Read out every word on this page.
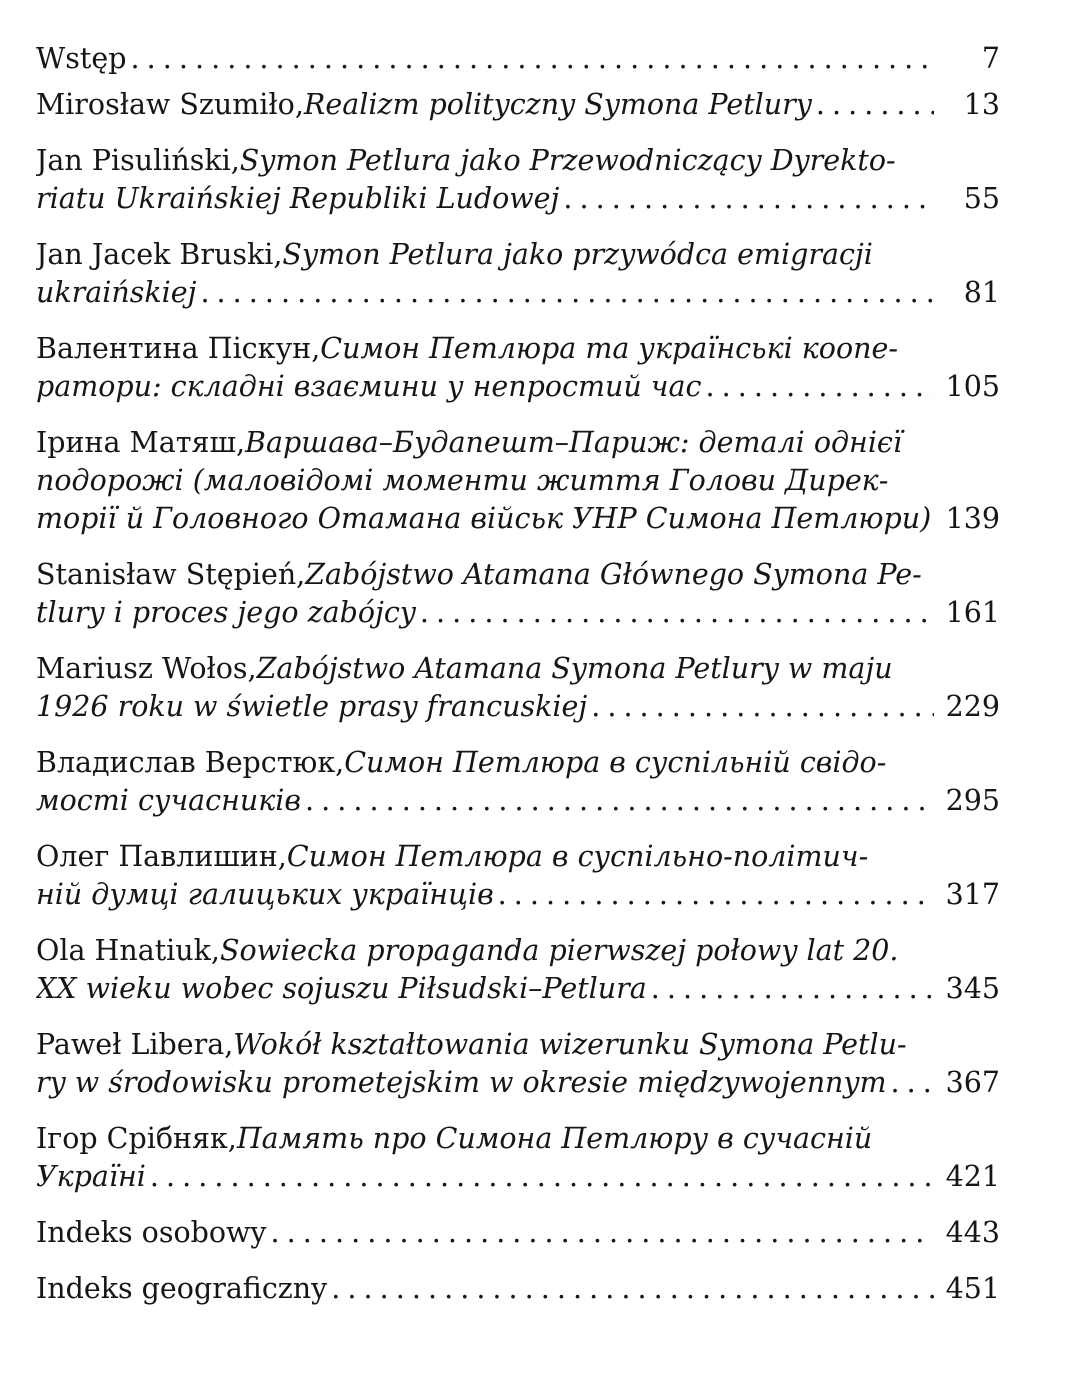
Wstęp . . .	7
Mirosław Szumiło, Realizm polityczny Symona Petlury . . .	13
Jan Pisuliński, Symon Petlura jako Przewodniczący Dyrekto-
riatu Ukraińskiej Republiki Ludowej . . .	55
Jan Jacek Bruski, Symon Petlura jako przywódca emigracji
ukraińskiej . . .	81
Валентина Піскун, Симон Петлюра та українські коопе-
ратори: складні взаємини у непростий час . . .	105
Ірина Матяш, Варшава–Будапешт–Париж: деталі однієї
подорожі (маловідомі моменти життя Голови Дирек-
торії й Головного Отамана військ УНР Симона Петлюри) . . . 139
Stanisław Stępień, Zabójstwo Atamana Głównego Symona Pe-
tlury i proces jego zabójcy . . .	161
Mariusz Wołos, Zabójstwo Atamana Symona Petlury w maju
1926 roku w świetle prasy francuskiej . . .	229
Владислав Верстюк, Симон Петлюра в суспільній свідо-
мості сучасників . . .	295
Олег Павлишин, Симон Петлюра в суспільно-політич-
ній думці галицьких українців . . .	317
Ola Hnatiuk, Sowiecka propaganda pierwszej połowy lat 20.
XX wieku wobec sojuszu Piłsudski–Petlura . . .	345
Paweł Libera, Wokół kształtowania wizerunku Symona Petlu-
ry w środowisku prometejskim w okresie międzywojennym . . . 367
Ігор Срібняк, Память про Симона Петлюру в сучасній
Україні . . .	421
Indeks osobowy . . .	443
Indeks geograficzny . . .	451
